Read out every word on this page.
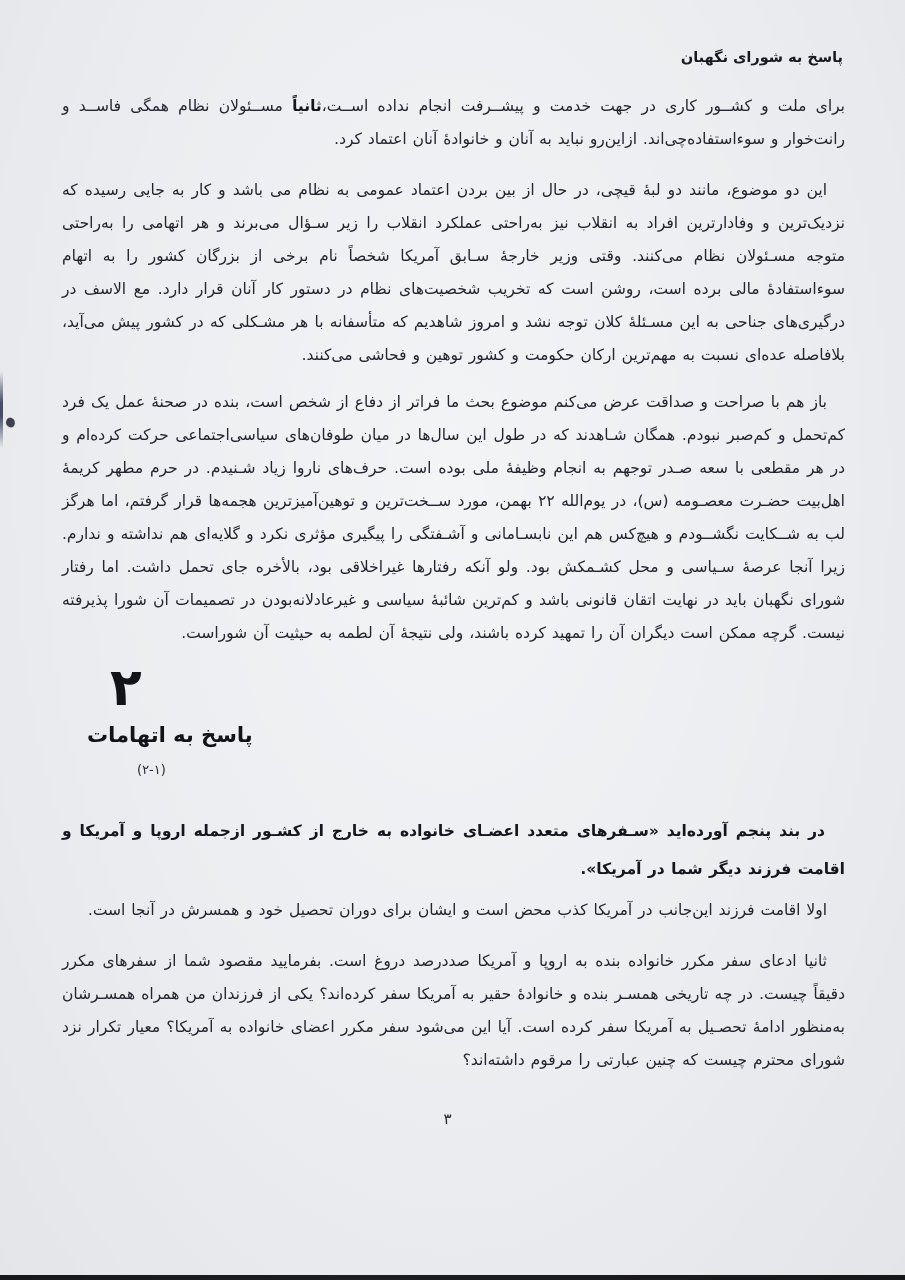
پاسخ به شورای نگهبان

برای ملت و کشــور کاری در جهت خدمت و پیشــرفت انجام نداده اســت،ثانیاً مســئولان نظام همگی فاســد و رانت‌خوار و سوءاستفاده‌چی‌اند. ازاین‌رو نباید به آنان و خانوادهٔ آنان اعتماد کرد.

این دو موضوع، مانند دو لبهٔ قیچی، در حال از بین بردن اعتماد عمومی به نظام می باشد و کار به جایی رسیده که نزدیک‌ترین و وفادارترین افراد به انقلاب نیز به‌راحتی عملکرد انقلاب را زیر سـؤال می‌برند و هر اتهامی را به‌راحتی متوجه مسـئولان نظام می‌کنند. وقتی وزیر خارجهٔ سـابق آمریکا شخصاً نام برخی از بزرگان کشور را به اتهام سوءاستفادهٔ مالی برده است، روشن است که تخریب شخصیت‌های نظام در دستور کار آنان قرار دارد. مع الاسف در درگیری‌های جناحی به این مسـئلهٔ کلان توجه نشد و امروز شاهدیم که متأسفانه با هر مشـکلی که در کشور پیش می‌آید، بلافاصله عده‌ای نسبت به مهم‌ترین ارکان حکومت و کشور توهین و فحاشی می‌کنند.

باز هم با صراحت و صداقت عرض می‌کنم موضوع بحث ما فراتر از دفاع از شخص است، بنده در صحنهٔ عمل یک فرد کم‌تحمل و کم‌صبر نبودم. همگان شـاهدند که در طول این سال‌ها در میان طوفان‌های سیاسی‌اجتماعی حرکت کرده‌ام و در هر مقطعی با سعه صـدر توجهم به انجام وظیفهٔ ملی بوده است. حرف‌های ناروا زیاد شـنیدم. در حرم مطهر کریمهٔ اهل‌بیت حضـرت معصـومه (س)، در یوم‌الله ۲۲ بهمن، مورد ســخت‌ترین و توهین‌آمیزترین هجمه‌ها قرار گرفتم، اما هرگز لب به شــکایت نگشــودم و هیچ‌کس هم این نابسـامانی و آشـفتگی را پیگیری مؤثری نکرد و گلایه‌ای هم نداشته و ندارم. زیرا آنجا عرصهٔ سـیاسی و محل کشـمکش بود. ولو آنکه رفتارها غیراخلاقی بود، بالأخره جای تحمل داشت. اما رفتار شورای نگهبان باید در نهایت اتقان قانونی باشد و کم‌ترین شائبهٔ سیاسی و غیرعادلانه‌بودن در تصمیمات آن شورا پذیرفته نیست. گرچه ممکن است دیگران آن را تمهید کرده باشند، ولی نتیجهٔ آن لطمه به حیثیت آن شوراست.

۲
پاسخ به اتهامات
(۲-۱)

در بند پنجم آورده‌اید «سـفرهای متعدد اعضـای خانواده به خارج از کشـور ازجمله اروپا و آمریکا و اقامت فرزند دیگر شما در آمریکا».

اولا اقامت فرزند این‌جانب در آمریکا کذب محض است و ایشان برای دوران تحصیل خود و همسرش در آنجا است.

ثانیا ادعای سفر مکرر خانواده بنده به اروپا و آمریکا صددرصد دروغ است. بفرمایید مقصود شما از سفرهای مکرر دقیقاً چیست. در چه تاریخی همسـر بنده و خانوادهٔ حقیر به آمریکا سفر کرده‌اند؟ یکی از فرزندان من همراه همسـرشان به‌منظور ادامهٔ تحصـیل به آمریکا سفر کرده است. آیا این می‌شود سفر مکرر اعضای خانواده به آمریکا؟ معیار تکرار نزد شورای محترم چیست که چنین عبارتی را مرقوم داشته‌اند؟

۳
